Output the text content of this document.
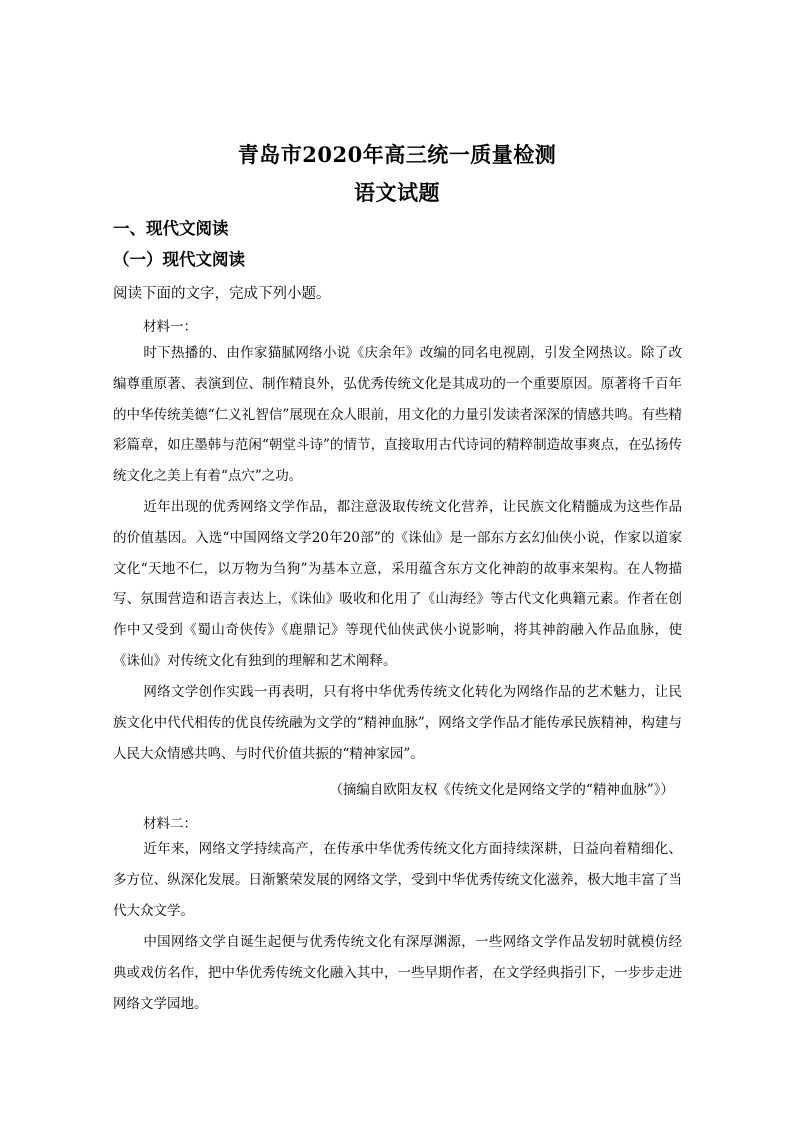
青岛市2020年高三统一质量检测
语文试题
一、现代文阅读
（一）现代文阅读
阅读下面的文字，完成下列小题。
材料一：
时下热播的、由作家猫腻网络小说《庆余年》改编的同名电视剧，引发全网热议。除了改编尊重原著、表演到位、制作精良外，弘优秀传统文化是其成功的一个重要原因。原著将千百年的中华传统美德“仁义礼智信”展现在众人眼前，用文化的力量引发读者深深的情感共鸣。有些精彩篇章，如庄墨韩与范闲“朝堂斗诗”的情节，直接取用古代诗词的精粹制造故事爽点，在弘扬传统文化之美上有着“点穴”之功。
近年出现的优秀网络文学作品，都注意汲取传统文化营养，让民族文化精髓成为这些作品的价值基因。入选“中国网络文学20年20部”的《诛仙》是一部东方玄幻仙侠小说，作家以道家文化“天地不仁，以万物为刍狗”为基本立意，采用蕴含东方文化神韵的故事来架构。在人物描写、氛围营造和语言表达上，《诛仙》吸收和化用了《山海经》等古代文化典籍元素。作者在创作中又受到《蜀山奇侠传》《鹿鼎记》等现代仙侠武侠小说影响，将其神韵融入作品血脉，使《诛仙》对传统文化有独到的理解和艺术阐释。
网络文学创作实践一再表明，只有将中华优秀传统文化转化为网络作品的艺术魅力，让民族文化中代代相传的优良传统融为文学的“精神血脉”，网络文学作品才能传承民族精神，构建与人民大众情感共鸣、与时代价值共振的“精神家园”。
（摘编自欧阳友权《传统文化是网络文学的“精神血脉”》）
材料二：
近年来，网络文学持续高产，在传承中华优秀传统文化方面持续深耕，日益向着精细化、多方位、纵深化发展。日渐繁荣发展的网络文学，受到中华优秀传统文化滋养，极大地丰富了当代大众文学。
中国网络文学自诞生起便与优秀传统文化有深厚渊源，一些网络文学作品发轫时就模仿经典或戏仿名作，把中华优秀传统文化融入其中，一些早期作者，在文学经典指引下，一步步走进网络文学园地。
